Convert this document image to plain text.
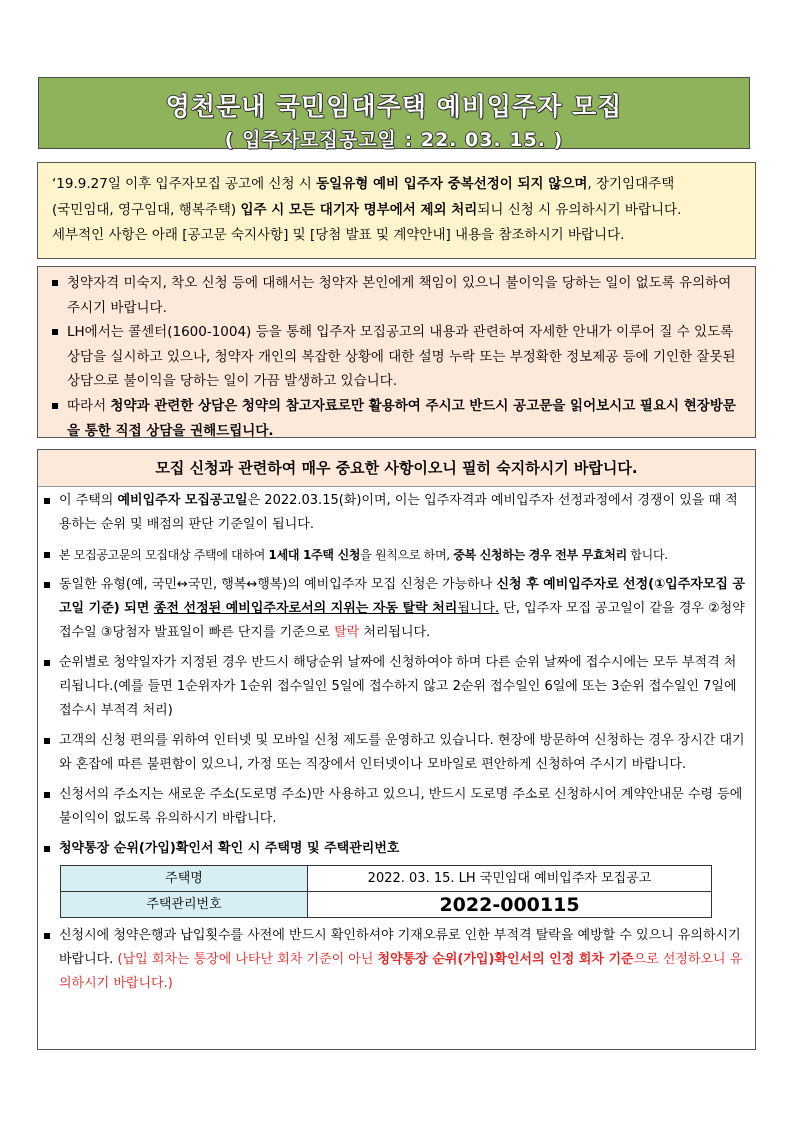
영천문내 국민임대주택 예비입주자 모집
( 입주자모집공고일 : 22. 03. 15. )

‘19.9.27일 이후 입주자모집 공고에 신청 시 동일유형 예비 입주자 중복선정이 되지 않으며, 장기임대주택

(국민임대, 영구임대, 행복주택) 입주 시 모든 대기자 명부에서 제외 처리되니 신청 시 유의하시기 바랍니다.

세부적인 사항은 아래 [공고문 숙지사항] 및 [당첨 발표 및 계약안내] 내용을 참조하시기 바랍니다.

청약자격 미숙지, 착오 신청 등에 대해서는 청약자 본인에게 책임이 있으니 불이익을 당하는 일이 없도록 유의하여 주시기 바랍니다.
LH에서는 콜센터(1600-1004) 등을 통해 입주자 모집공고의 내용과 관련하여 자세한 안내가 이루어 질 수 있도록 상담을 실시하고 있으나, 청약자 개인의 복잡한 상황에 대한 설명 누락 또는 부정확한 정보제공 등에 기인한 잘못된 상담으로 불이익을 당하는 일이 가끔 발생하고 있습니다.
따라서 청약과 관련한 상담은 청약의 참고자료로만 활용하여 주시고 반드시 공고문을 읽어보시고 필요시 현장방문을 통한 직접 상담을 권해드립니다.
모집 신청과 관련하여 매우 중요한 사항이오니 필히 숙지하시기 바랍니다.
이 주택의 예비입주자 모집공고일은 2022.03.15(화)이며, 이는 입주자격과 예비입주자 선정과정에서 경쟁이 있을 때 적용하는 순위 및 배점의 판단 기준일이 됩니다.
본 모집공고문의 모집대상 주택에 대하여 1세대 1주택 신청을 원칙으로 하며, 중복 신청하는 경우 전부 무효처리 합니다.
동일한 유형(예, 국민↔국민, 행복↔행복)의 예비입주자 모집 신청은 가능하나 신청 후 예비입주자로 선정(①입주자모집 공고일 기준) 되면 종전 선정된 예비입주자로서의 지위는 자동 탈락 처리됩니다. 단, 입주자 모집 공고일이 같을 경우 ②청약 접수일 ③당첨자 발표일이 빠른 단지를 기준으로 탈락 처리됩니다.
순위별로 청약일자가 지정된 경우 반드시 해당순위 날짜에 신청하여야 하며 다른 순위 날짜에 접수시에는 모두 부적격 처리됩니다.(예를 들면 1순위자가 1순위 접수일인 5일에 접수하지 않고 2순위 접수일인 6일에 또는 3순위 접수일인 7일에 접수시 부적격 처리)
고객의 신청 편의를 위하여 인터넷 및 모바일 신청 제도를 운영하고 있습니다. 현장에 방문하여 신청하는 경우 장시간 대기와 혼잡에 따른 불편함이 있으니, 가정 또는 직장에서 인터넷이나 모바일로 편안하게 신청하여 주시기 바랍니다.
신청서의 주소지는 새로운 주소(도로명 주소)만 사용하고 있으니, 반드시 도로명 주소로 신청하시어 계약안내문 수령 등에 불이익이 없도록 유의하시기 바랍니다.
청약통장 순위(가입)확인서 확인 시 주택명 및 주택관리번호
주택명	2022. 03. 15. LH 국민임대 예비입주자 모집공고
주택관리번호	2022-000115
신청시에 청약은행과 납입횟수를 사전에 반드시 확인하셔야 기재오류로 인한 부적격 탈락을 예방할 수 있으니 유의하시기 바랍니다. (납입 회차는 통장에 나타난 회차 기준이 아닌 청약통장 순위(가입)확인서의 인정 회차 기준으로 선정하오니 유의하시기 바랍니다.)
